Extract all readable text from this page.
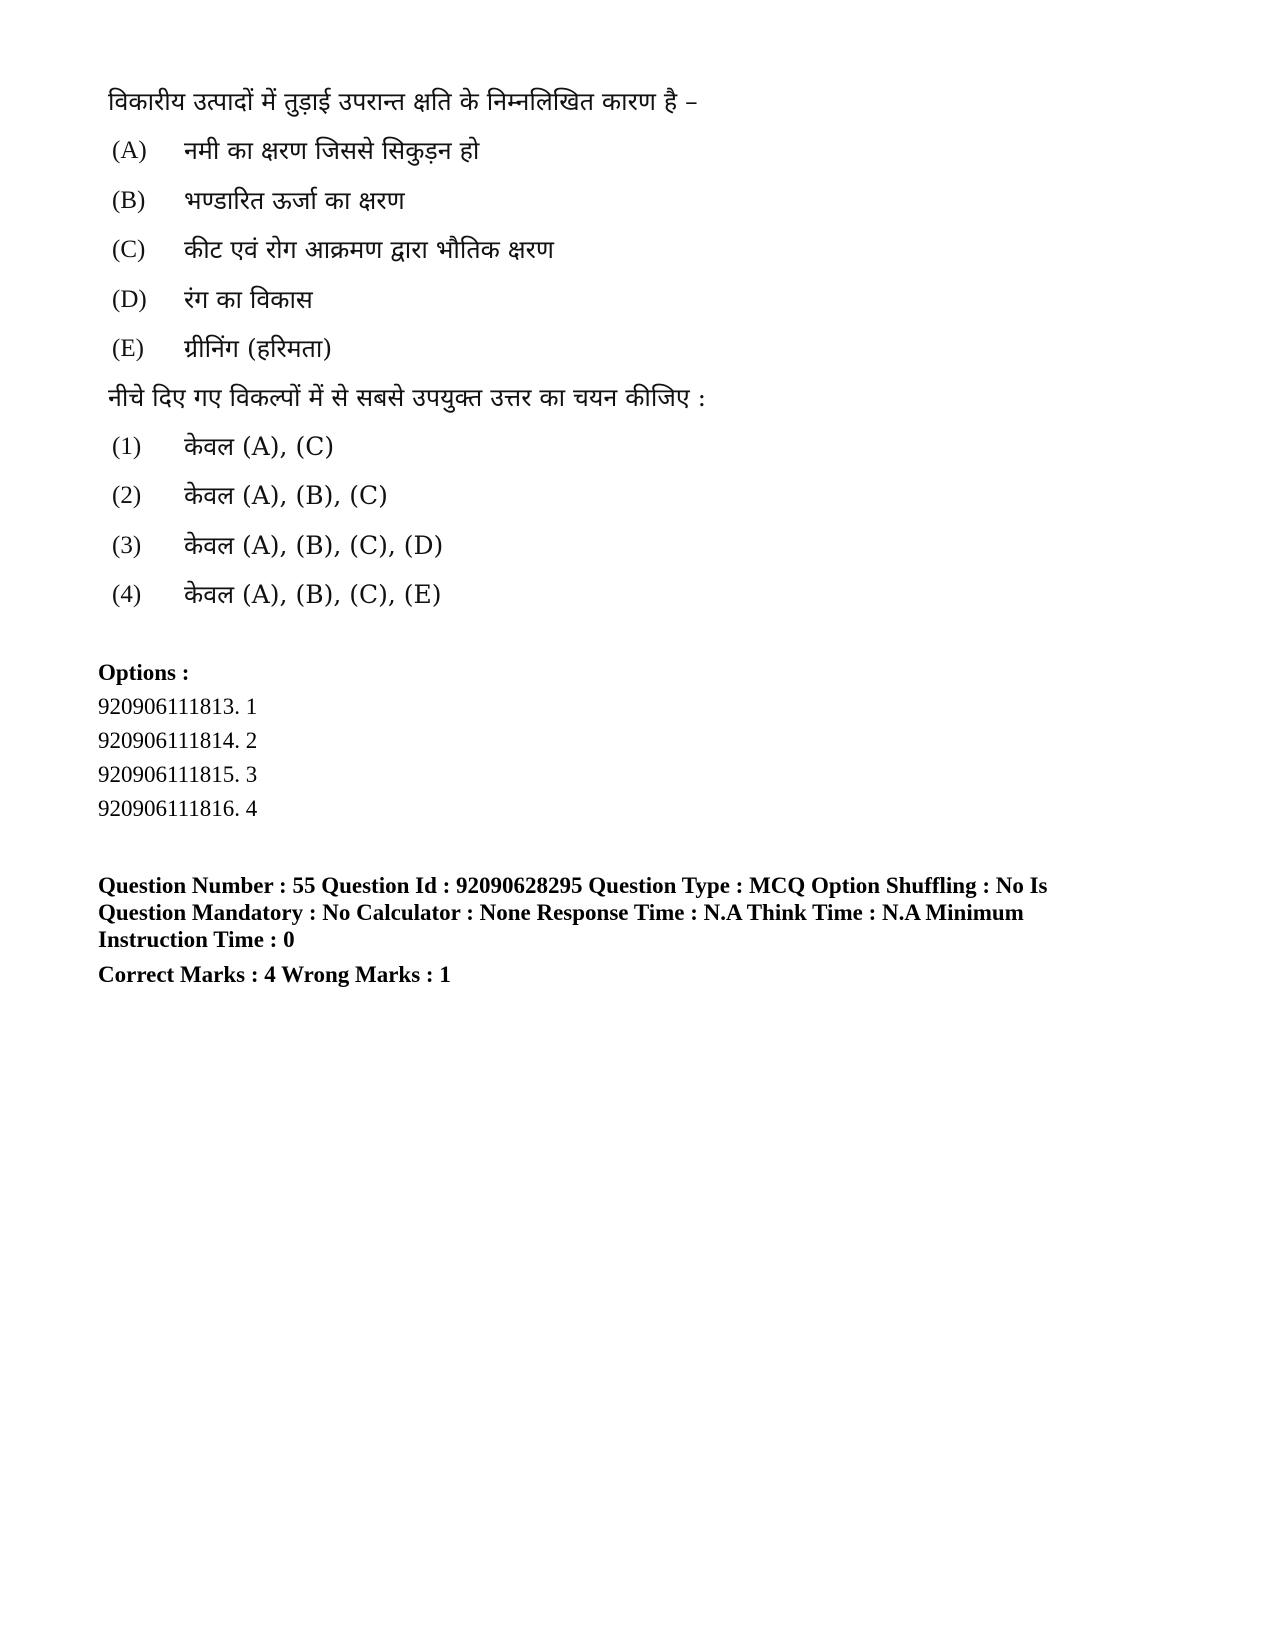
विकारीय उत्पादों में तुड़ाई उपरान्त क्षति के निम्नलिखित कारण है –
(A)	नमी का क्षरण जिससे सिकुड़न हो
(B)	भण्डारित ऊर्जा का क्षरण
(C)	कीट एवं रोग आक्रमण द्वारा भौतिक क्षरण
(D)	रंग का विकास
(E)	ग्रीनिंग (हरिमता)
नीचे दिए गए विकल्पों में से सबसे उपयुक्त उत्तर का चयन कीजिए :
(1)	केवल (A), (C)
(2)	केवल (A), (B), (C)
(3)	केवल (A), (B), (C), (D)
(4)	केवल (A), (B), (C), (E)
Options :
920906111813. 1
920906111814. 2
920906111815. 3
920906111816. 4
Question Number : 55 Question Id : 92090628295 Question Type : MCQ Option Shuffling : No Is
Question Mandatory : No Calculator : None Response Time : N.A Think Time : N.A Minimum
Instruction Time : 0
Correct Marks : 4 Wrong Marks : 1
